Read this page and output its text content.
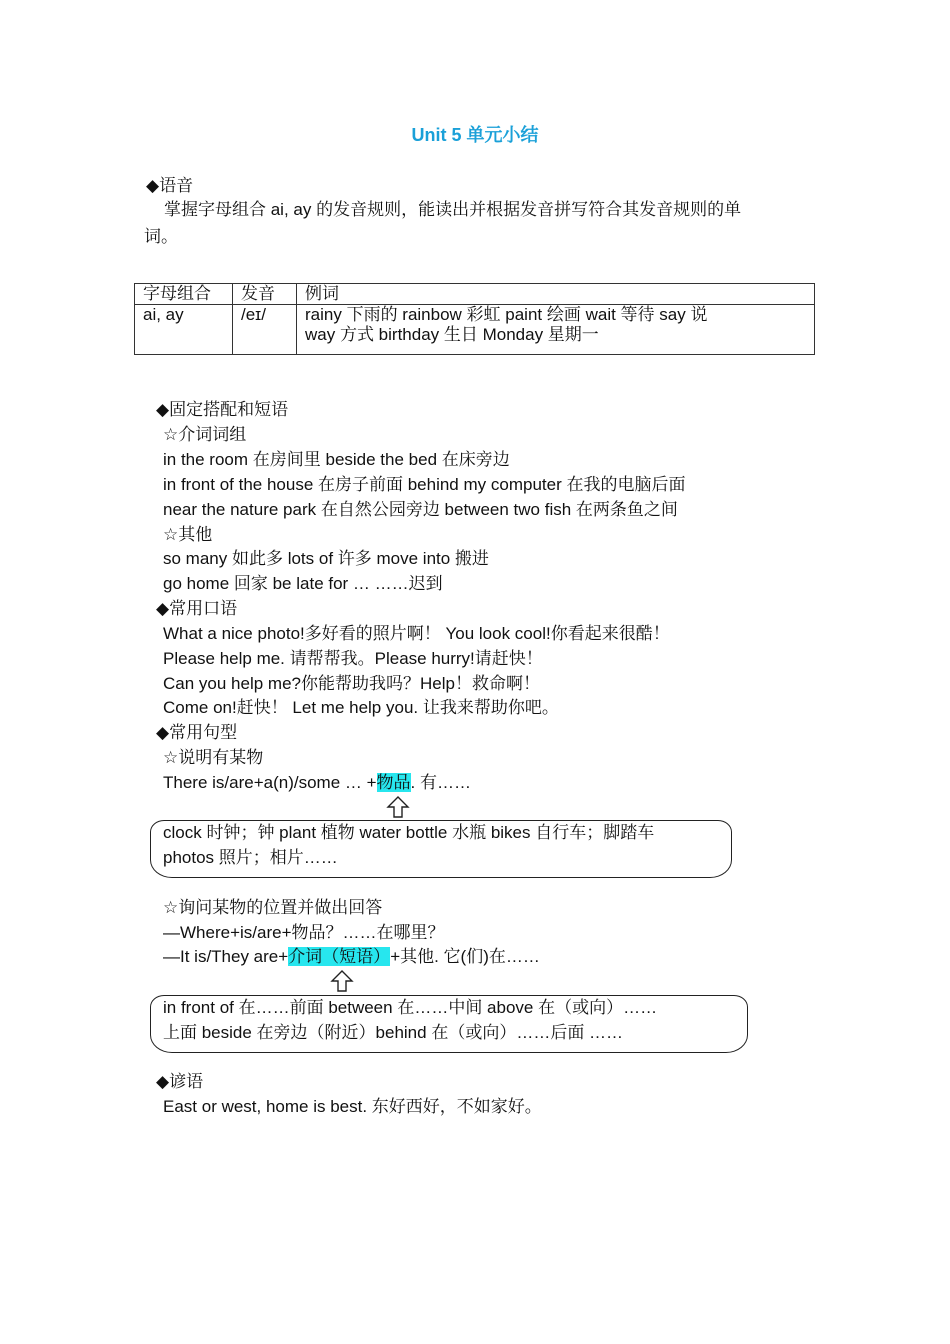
Unit 5 单元小结
◆语音
掌握字母组合 ai, ay 的发音规则，能读出并根据发音拼写符合其发音规则的单
词。
字母组合	发音	例词
ai, ay	/eɪ/	rainy 下雨的 rainbow 彩虹 paint 绘画 wait 等待 say 说
way 方式 birthday 生日 Monday 星期一
◆固定搭配和短语
☆介词词组
in the room 在房间里 beside the bed 在床旁边
in front of the house 在房子前面 behind my computer 在我的电脑后面
near the nature park 在自然公园旁边 between two fish 在两条鱼之间
☆其他
so many 如此多 lots of 许多 move into 搬进
go home 回家 be late for … ……迟到
◆常用口语
What a nice photo!多好看的照片啊！ You look cool!你看起来很酷！
Please help me. 请帮帮我。Please hurry!请赶快！
Can you help me?你能帮助我吗？Help！救命啊！
Come on!赶快！ Let me help you. 让我来帮助你吧。
◆常用句型
☆说明有某物
There is/are+a(n)/some … +物品. 有……
clock 时钟；钟 plant 植物 water bottle 水瓶 bikes 自行车；脚踏车
photos 照片；相片……
☆询问某物的位置并做出回答
—Where+is/are+物品？……在哪里？
—It is/They are+介词（短语）+其他. 它(们)在……
in front of 在……前面 between 在……中间 above 在（或向）……
上面 beside 在旁边（附近）behind 在（或向）……后面 ……
◆谚语
East or west, home is best. 东好西好，不如家好。
